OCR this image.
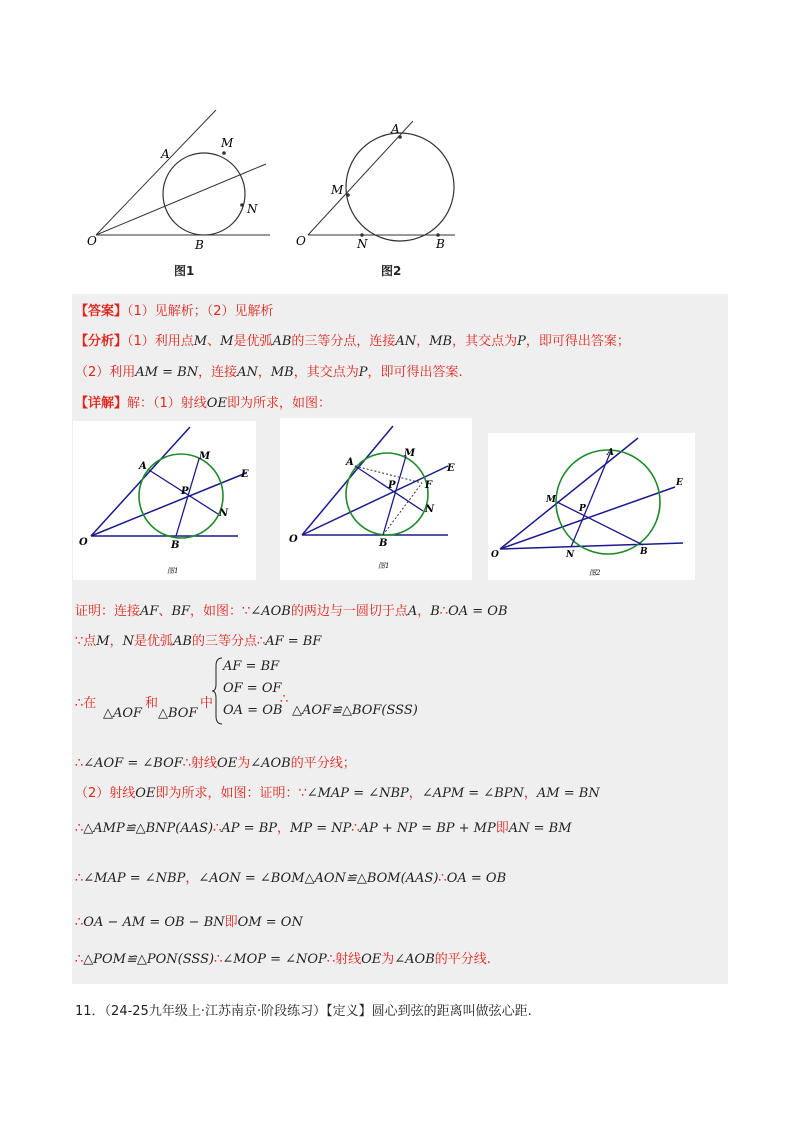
O
A
M
N
B
图1
O
A
M
N	B
图2
【答案】（1）见解析；（2）见解析
【分析】（1）利用点M、M是优弧AB的三等分点，连接AN，MB，其交点为P，即可得出答案；
（2）利用AM = BN，连接AN，MB，其交点为P，即可得出答案.
【详解】解：（1）射线OE即为所求，如图：
O
A
M
E
P
N
B
图1
O
A
M
E
P	F
N
B
图1
O
A
M
E
P
N	B
图2
证明：连接AF、BF，如图：∵∠AOB的两边与一圆切于点A，B∴OA = OB
∵点M，N是优弧AB的三等分点∴AF = BF
∴在
△AOF
和
△BOF
中
AF = BF
OF = OF
OA = OB
∴
△AOF≌△BOF(SSS)
∴∠AOF = ∠BOF∴射线OE为∠AOB的平分线；
（2）射线OE即为所求，如图：证明：∵∠MAP = ∠NBP，∠APM = ∠BPN，AM = BN
∴△AMP≌△BNP(AAS)∴AP = BP，MP = NP∴AP + NP = BP + MP即AN = BM
∴∠MAP = ∠NBP，∠AON = ∠BOM△AON≌△BOM(AAS)∴OA = OB
∴OA − AM = OB − BN即OM = ON
∴△POM≌△PON(SSS)∴∠MOP = ∠NOP∴射线OE为∠AOB的平分线.
11．（24-25九年级上·江苏南京·阶段练习）【定义】圆心到弦的距离叫做弦心距.
